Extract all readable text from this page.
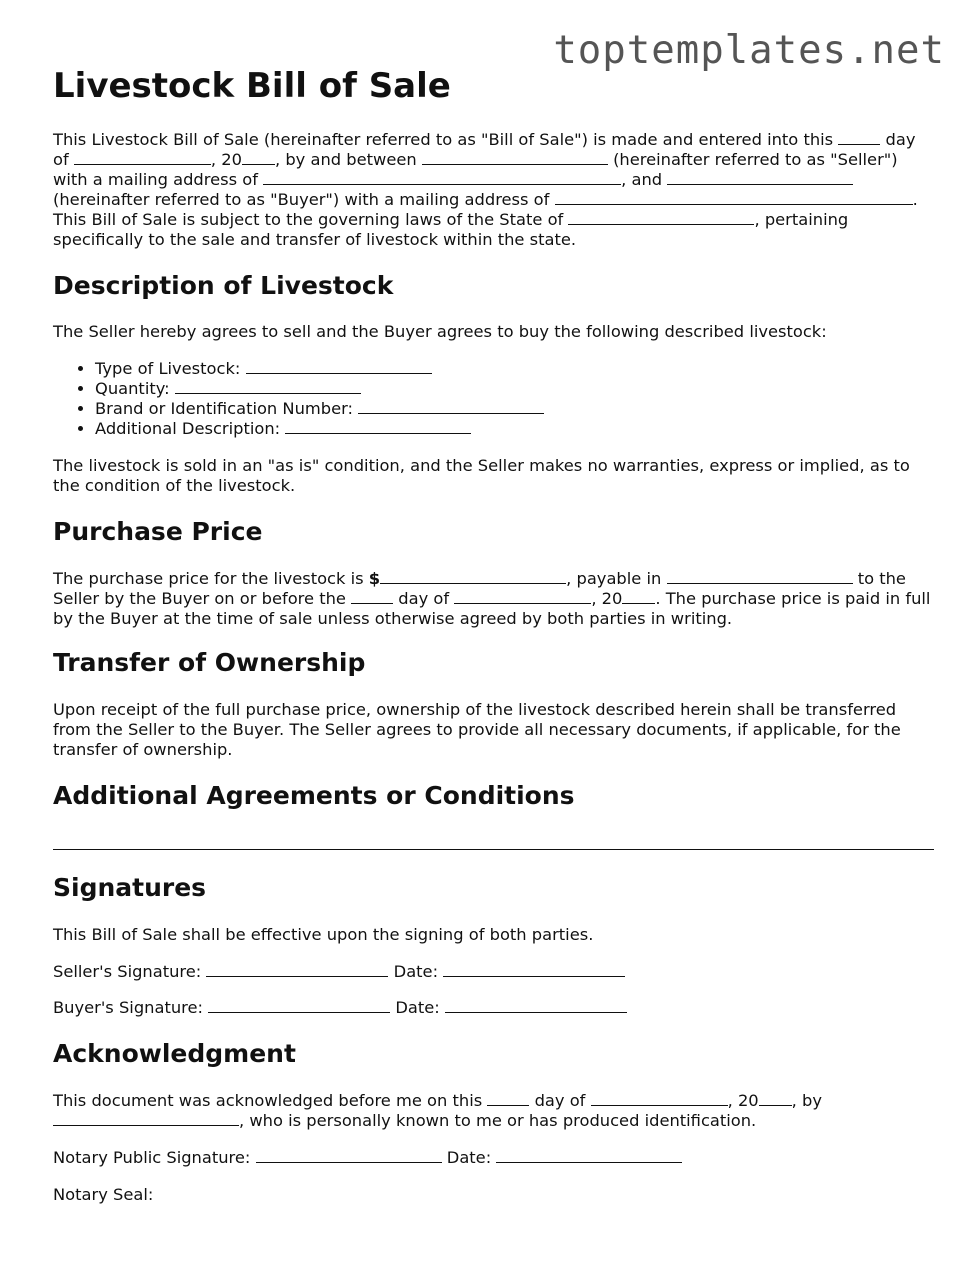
toptemplates.net
Livestock Bill of Sale

This Livestock Bill of Sale (hereinafter referred to as "Bill of Sale") is made and entered into this	day of	, 20 , by and between	(hereinafter referred to as "Seller") with a mailing address of	, and  (hereinafter referred to as "Buyer") with a mailing address of	. This Bill of Sale is subject to the governing laws of the State of	, pertaining specifically to the sale and transfer of livestock within the state.

Description of Livestock

The Seller hereby agrees to sell and the Buyer agrees to buy the following described livestock:

• Type of Livestock:
• Quantity:
• Brand or Identification Number:
• Additional Description:

The livestock is sold in an "as is" condition, and the Seller makes no warranties, express or implied, as to the condition of the livestock.

Purchase Price

The purchase price for the livestock is $	, payable in	to the Seller by the Buyer on or before the	day of	, 20 . The purchase price is paid in full by the Buyer at the time of sale unless otherwise agreed by both parties in writing.

Transfer of Ownership

Upon receipt of the full purchase price, ownership of the livestock described herein shall be transferred from the Seller to the Buyer. The Seller agrees to provide all necessary documents, if applicable, for the transfer of ownership.

Additional Agreements or Conditions
Signatures

This Bill of Sale shall be effective upon the signing of both parties.

Seller's Signature:	Date:

Buyer's Signature:	Date:

Acknowledgment

This document was acknowledged before me on this	day of	, 20 , by , who is personally known to me or has produced identification.

Notary Public Signature:	Date:

Notary Seal:
